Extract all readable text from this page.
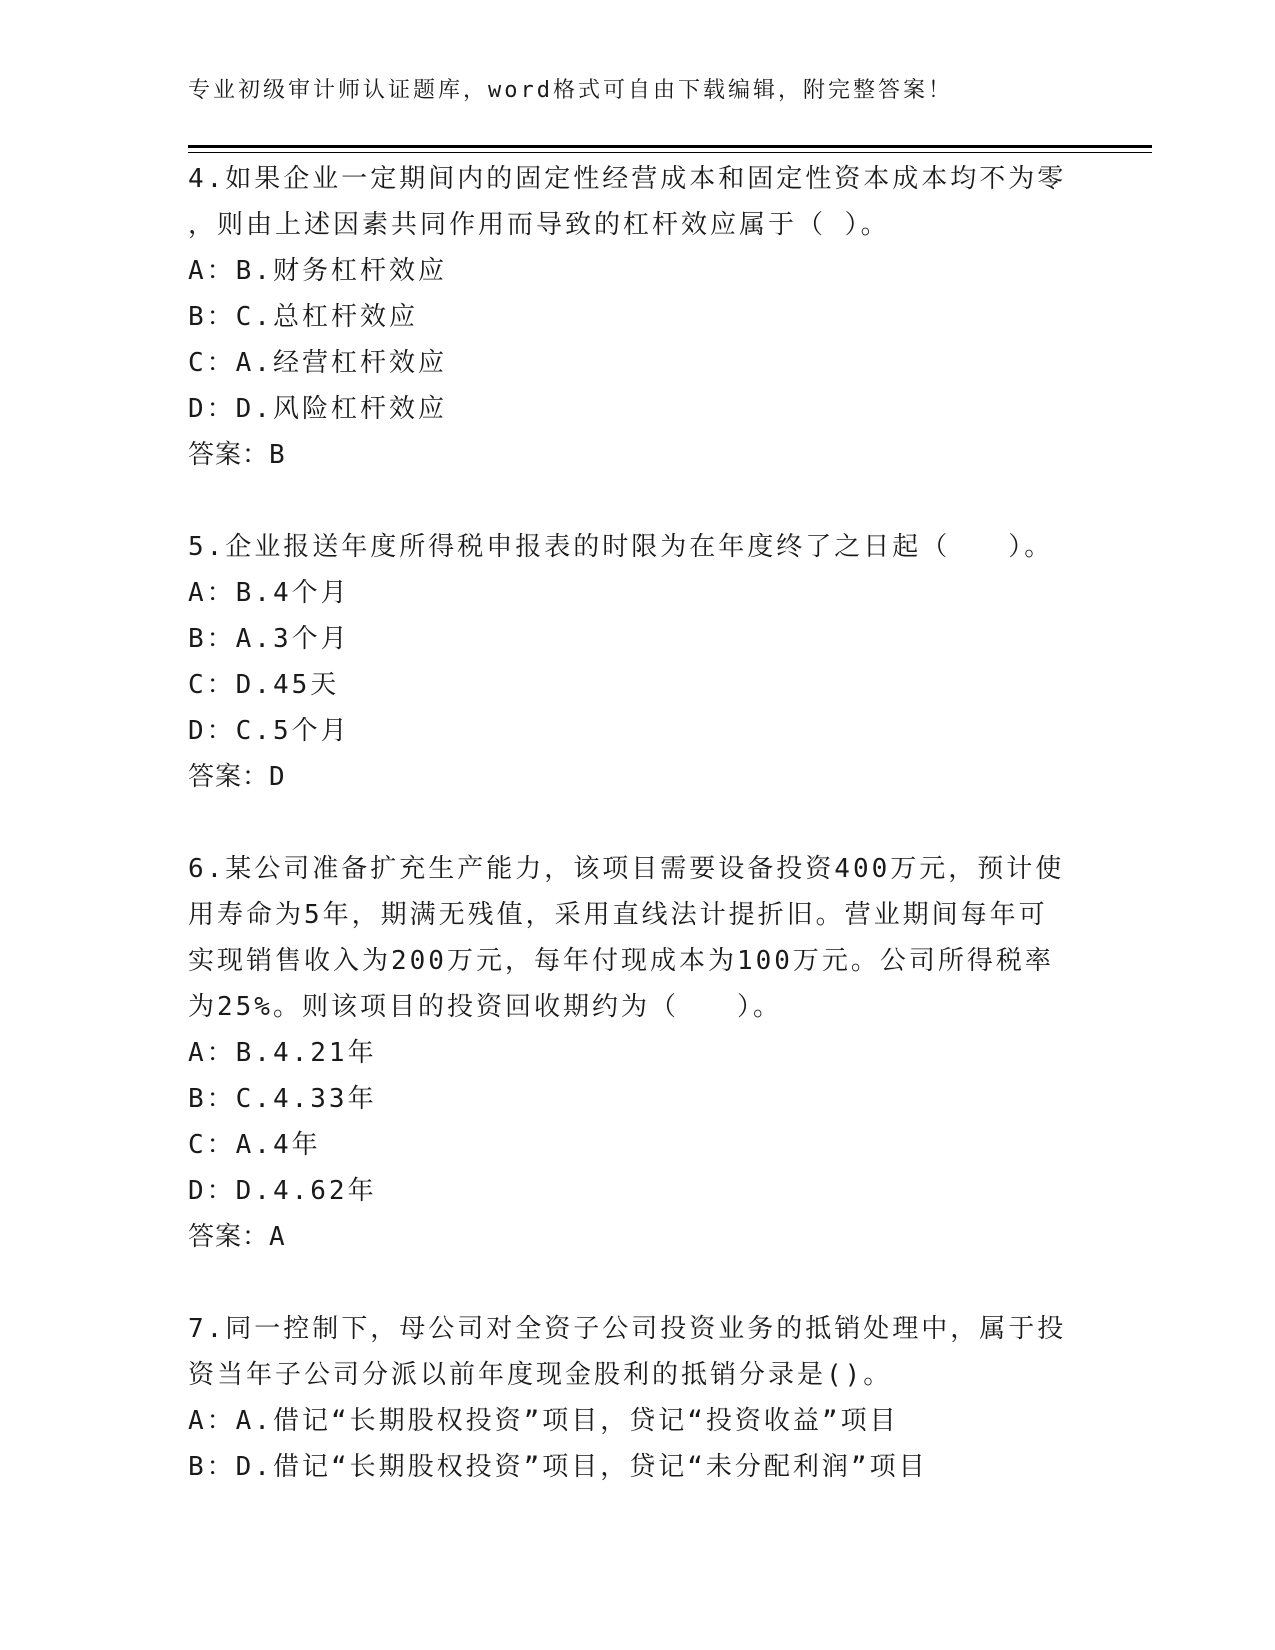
专业初级审计师认证题库，word格式可自由下载编辑，附完整答案！
4.如果企业一定期间内的固定性经营成本和固定性资本成本均不为零
，则由上述因素共同作用而导致的杠杆效应属于（ ）。
A：B.财务杠杆效应
B：C.总杠杆效应
C：A.经营杠杆效应
D：D.风险杠杆效应
答案：B
5.企业报送年度所得税申报表的时限为在年度终了之日起（　　）。
A：B.4个月
B：A.3个月
C：D.45天
D：C.5个月
答案：D
6.某公司准备扩充生产能力，该项目需要设备投资400万元，预计使
用寿命为5年，期满无残值，采用直线法计提折旧。营业期间每年可
实现销售收入为200万元，每年付现成本为100万元。公司所得税率
为25%。则该项目的投资回收期约为（　　）。
A：B.4.21年
B：C.4.33年
C：A.4年
D：D.4.62年
答案：A
7.同一控制下，母公司对全资子公司投资业务的抵销处理中，属于投
资当年子公司分派以前年度现金股利的抵销分录是()。
A：A.借记“长期股权投资”项目，贷记“投资收益”项目
B：D.借记“长期股权投资”项目，贷记“未分配利润”项目
